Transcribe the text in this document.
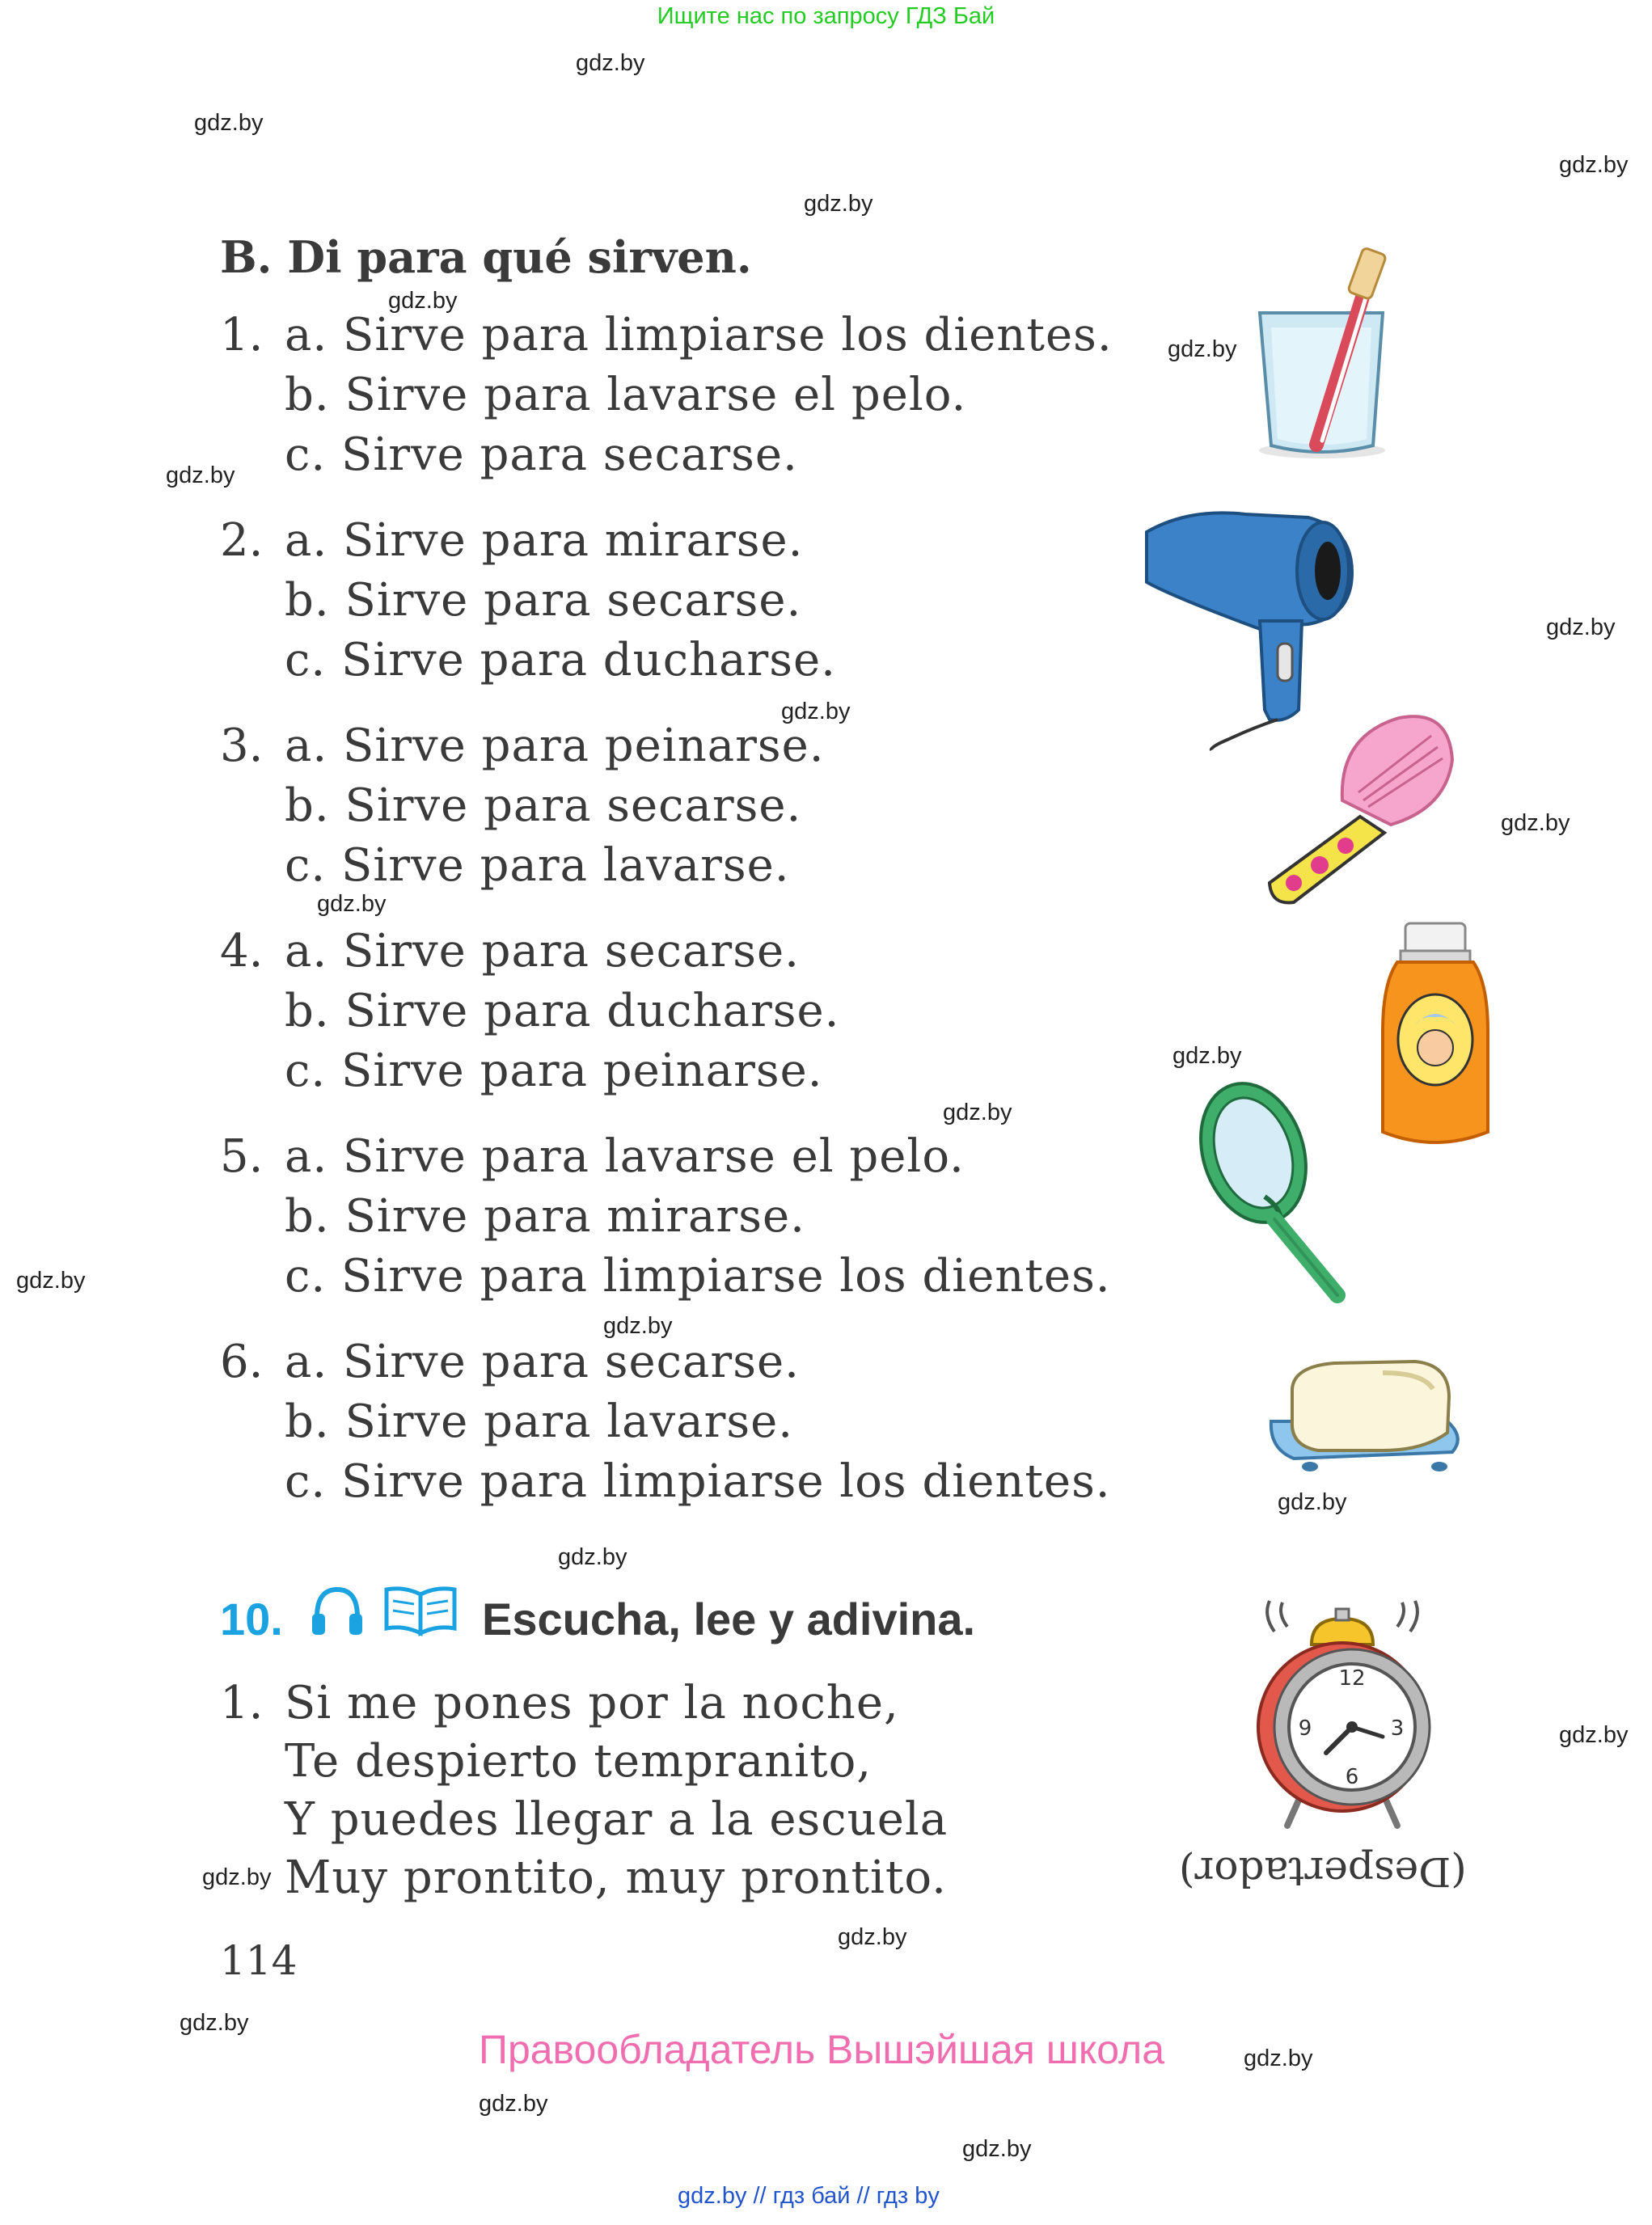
Ищите нас по запросу ГДЗ Бай
gdz.by
gdz.by
gdz.by
gdz.by
gdz.by
gdz.by
gdz.by
gdz.by
gdz.by
gdz.by
gdz.by
gdz.by
gdz.by
gdz.by
gdz.by
gdz.by
gdz.by
gdz.by
gdz.by
gdz.by
gdz.by
gdz.by
gdz.by
gdz.by
B. Di para qué sirven.
1. a. Sirve para limpiarse los dientes.
b. Sirve para lavarse el pelo.
c. Sirve para secarse.
2. a. Sirve para mirarse.
b. Sirve para secarse.
c. Sirve para ducharse.
3. a. Sirve para peinarse.
b. Sirve para secarse.
c. Sirve para lavarse.
4. a. Sirve para secarse.
b. Sirve para ducharse.
c. Sirve para peinarse.
5. a. Sirve para lavarse el pelo.
b. Sirve para mirarse.
c. Sirve para limpiarse los dientes.
6. a. Sirve para secarse.
b. Sirve para lavarse.
c. Sirve para limpiarse los dientes.
10.	Escucha, lee y adivina.
1. Si me pones por la noche,
Te despierto tempranito,
Y puedes llegar a la escuela
Muy prontito, muy prontito.
12
3
6
9
(Despertador)
114
Правообладатель Вышэйшая школа
gdz.by // гдз бай // гдз by
